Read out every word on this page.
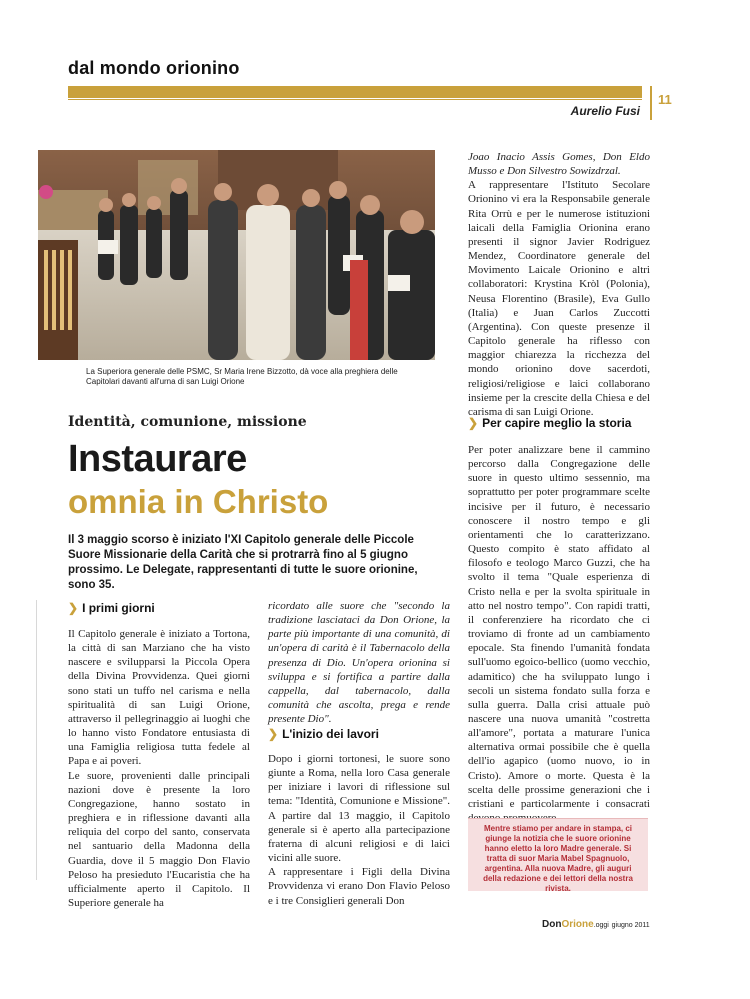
dal mondo orionino
11
Aurelio Fusi
La Superiora generale delle PSMC, Sr Maria Irene Bizzotto, dà voce alla preghiera delle Capitolari davanti all'urna di san Luigi Orione
Identità, comunione, missione
Instaurare
omnia in Christo
Il 3 maggio scorso è iniziato l'XI Capitolo generale delle Piccole Suore Missionarie della Carità che si protrarrà fino al 5 giugno prossimo. Le Delegate, rappresentanti di tutte le suore orionine, sono 35.
❯ I primi giorni
Il Capitolo generale è iniziato a Tortona, la città di san Marziano che ha visto nascere e svilupparsi la Piccola Opera della Divina Provvidenza. Quei giorni sono stati un tuffo nel carisma e nella spiritualità di san Luigi Orione, attraverso il pellegrinaggio ai luoghi che lo hanno visto Fondatore entusiasta di una Famiglia religiosa tutta fedele al Papa e ai poveri.
Le suore, provenienti dalle principali nazioni dove è presente la loro Congregazione, hanno sostato in preghiera e in riflessione davanti alla reliquia del corpo del santo, conservata nel santuario della Madonna della Guardia, dove il 5 maggio Don Flavio Peloso ha presieduto l'Eucaristia che ha ufficialmente aperto il Capitolo. Il Superiore generale ha
ricordato alle suore che "secondo la tradizione lasciataci da Don Orione, la parte più importante di una comunità, di un'opera di carità è il Tabernacolo della presenza di Dio. Un'opera orionina si sviluppa e si fortifica a partire dalla cappella, dal tabernacolo, dalla comunità che ascolta, prega e rende presente Dio".
❯ L'inizio dei lavori
Dopo i giorni tortonesi, le suore sono giunte a Roma, nella loro Casa generale per iniziare i lavori di riflessione sul tema: "Identità, Comunione e Missione". A partire dal 13 maggio, il Capitolo generale si è aperto alla partecipazione fraterna di alcuni religiosi e di laici vicini alle suore.
A rappresentare i Figli della Divina Provvidenza vi erano Don Flavio Peloso e i tre Consiglieri generali Don
Joao Inacio Assis Gomes, Don Eldo Musso e Don Silvestro Sowizdrzal.
A rappresentare l'Istituto Secolare Orionino vi era la Responsabile generale Rita Orrù e per le numerose istituzioni laicali della Famiglia Orionina erano presenti il signor Javier Rodriguez Mendez, Coordinatore generale del Movimento Laicale Orionino e altri collaboratori: Krystina Kròl (Polonia), Neusa Florentino (Brasile), Eva Gullo (Italia) e Juan Carlos Zuccotti (Argentina). Con queste presenze il Capitolo generale ha riflesso con maggior chiarezza la ricchezza del mondo orionino dove sacerdoti, religiosi/religiose e laici collaborano insieme per la crescite della Chiesa e del carisma di san Luigi Orione.
❯ Per capire meglio la storia
Per poter analizzare bene il cammino percorso dalla Congregazione delle suore in questo ultimo sessennio, ma soprattutto per poter programmare scelte incisive per il futuro, è necessario conoscere il nostro tempo e gli orientamenti che lo caratterizzano. Questo compito è stato affidato al filosofo e teologo Marco Guzzi, che ha svolto il tema "Quale esperienza di Cristo nella e per la svolta spirituale in atto nel nostro tempo". Con rapidi tratti, il conferenziere ha ricordato che ci troviamo di fronte ad un cambiamento epocale. Sta finendo l'umanità fondata sull'uomo egoico-bellico (uomo vecchio, adamitico) che ha sviluppato lungo i secoli un sistema fondato sulla forza e sulla guerra. Dalla crisi attuale può nascere una nuova umanità "costretta all'amore", portata a maturare l'unica alternativa ormai possibile che è quella dell'io agapico (uomo nuovo, io in Cristo). Amore o morte. Questa è la scelta delle prossime generazioni che i cristiani e particolarmente i consacrati

Mentre stiamo per andare in stampa, ci giunge la notizia che le suore orionine hanno eletto la loro Madre generale. Si tratta di suor Maria Mabel Spagnuolo, argentina. Alla nuova Madre, gli auguri della redazione e dei lettori della nostra rivista.

DonOrione.oggi giugno 2011
